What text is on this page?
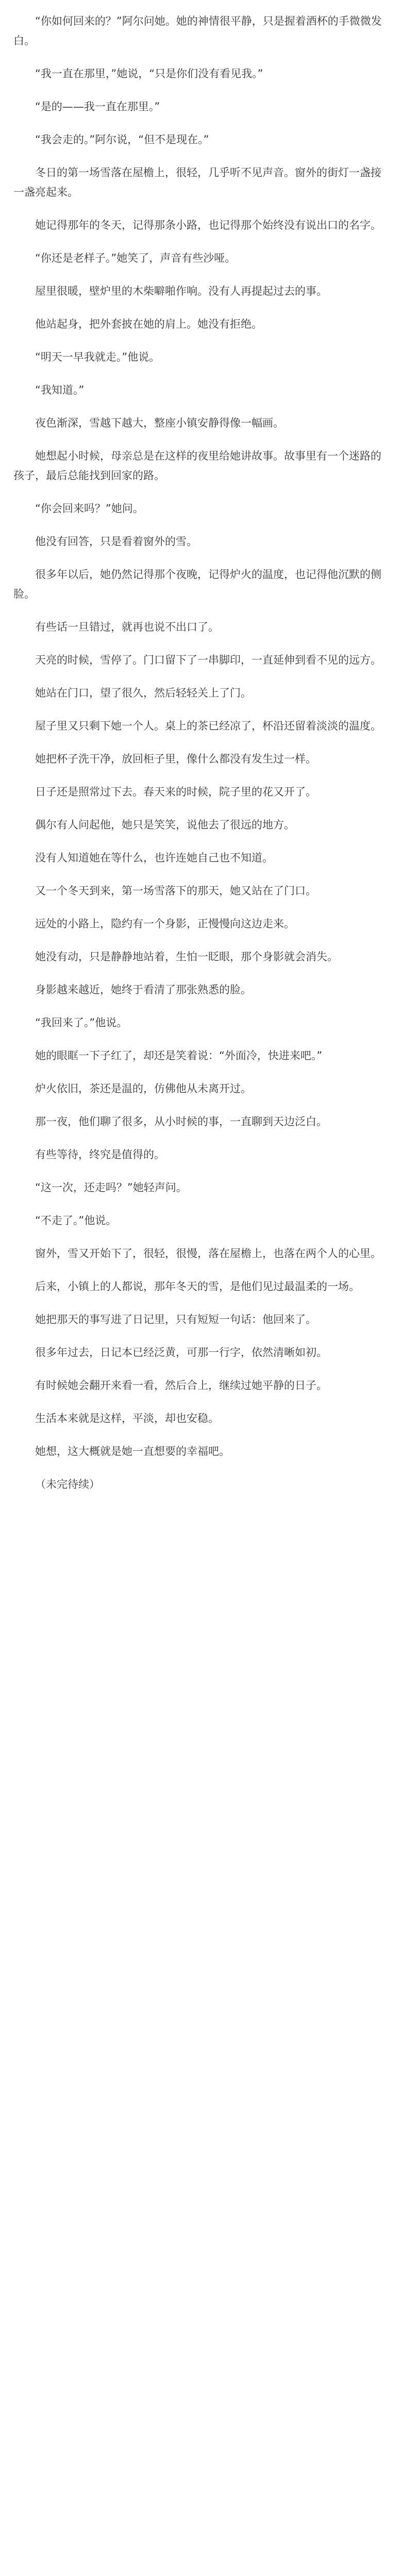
“你如何回来的？”阿尔问她。她的神情很平静，只是握着酒杯的手微微发白。

“我一直在那里，”她说，“只是你们没有看见我。”

“是的——我一直在那里。”

“我会走的。”阿尔说，“但不是现在。”

冬日的第一场雪落在屋檐上，很轻，几乎听不见声音。窗外的街灯一盏接一盏亮起来。

她记得那年的冬天，记得那条小路，也记得那个始终没有说出口的名字。

“你还是老样子。”她笑了，声音有些沙哑。

屋里很暖，壁炉里的木柴噼啪作响。没有人再提起过去的事。

他站起身，把外套披在她的肩上。她没有拒绝。

“明天一早我就走。”他说。

“我知道。”

夜色渐深，雪越下越大，整座小镇安静得像一幅画。

她想起小时候，母亲总是在这样的夜里给她讲故事。故事里有一个迷路的孩子，最后总能找到回家的路。

“你会回来吗？”她问。

他没有回答，只是看着窗外的雪。

很多年以后，她仍然记得那个夜晚，记得炉火的温度，也记得他沉默的侧脸。

有些话一旦错过，就再也说不出口了。

天亮的时候，雪停了。门口留下了一串脚印，一直延伸到看不见的远方。

她站在门口，望了很久，然后轻轻关上了门。

屋子里又只剩下她一个人。桌上的茶已经凉了，杯沿还留着淡淡的温度。

她把杯子洗干净，放回柜子里，像什么都没有发生过一样。

日子还是照常过下去。春天来的时候，院子里的花又开了。

偶尔有人问起他，她只是笑笑，说他去了很远的地方。

没有人知道她在等什么，也许连她自己也不知道。

又一个冬天到来，第一场雪落下的那天，她又站在了门口。

远处的小路上，隐约有一个身影，正慢慢向这边走来。

她没有动，只是静静地站着，生怕一眨眼，那个身影就会消失。

身影越来越近，她终于看清了那张熟悉的脸。

“我回来了。”他说。

她的眼眶一下子红了，却还是笑着说：“外面冷，快进来吧。”

炉火依旧，茶还是温的，仿佛他从未离开过。

那一夜，他们聊了很多，从小时候的事，一直聊到天边泛白。

有些等待，终究是值得的。

“这一次，还走吗？”她轻声问。

“不走了。”他说。

窗外，雪又开始下了，很轻，很慢，落在屋檐上，也落在两个人的心里。

后来，小镇上的人都说，那年冬天的雪，是他们见过最温柔的一场。

她把那天的事写进了日记里，只有短短一句话：他回来了。

很多年过去，日记本已经泛黄，可那一行字，依然清晰如初。

有时候她会翻开来看一看，然后合上，继续过她平静的日子。

生活本来就是这样，平淡，却也安稳。

她想，这大概就是她一直想要的幸福吧。

（未完待续）
